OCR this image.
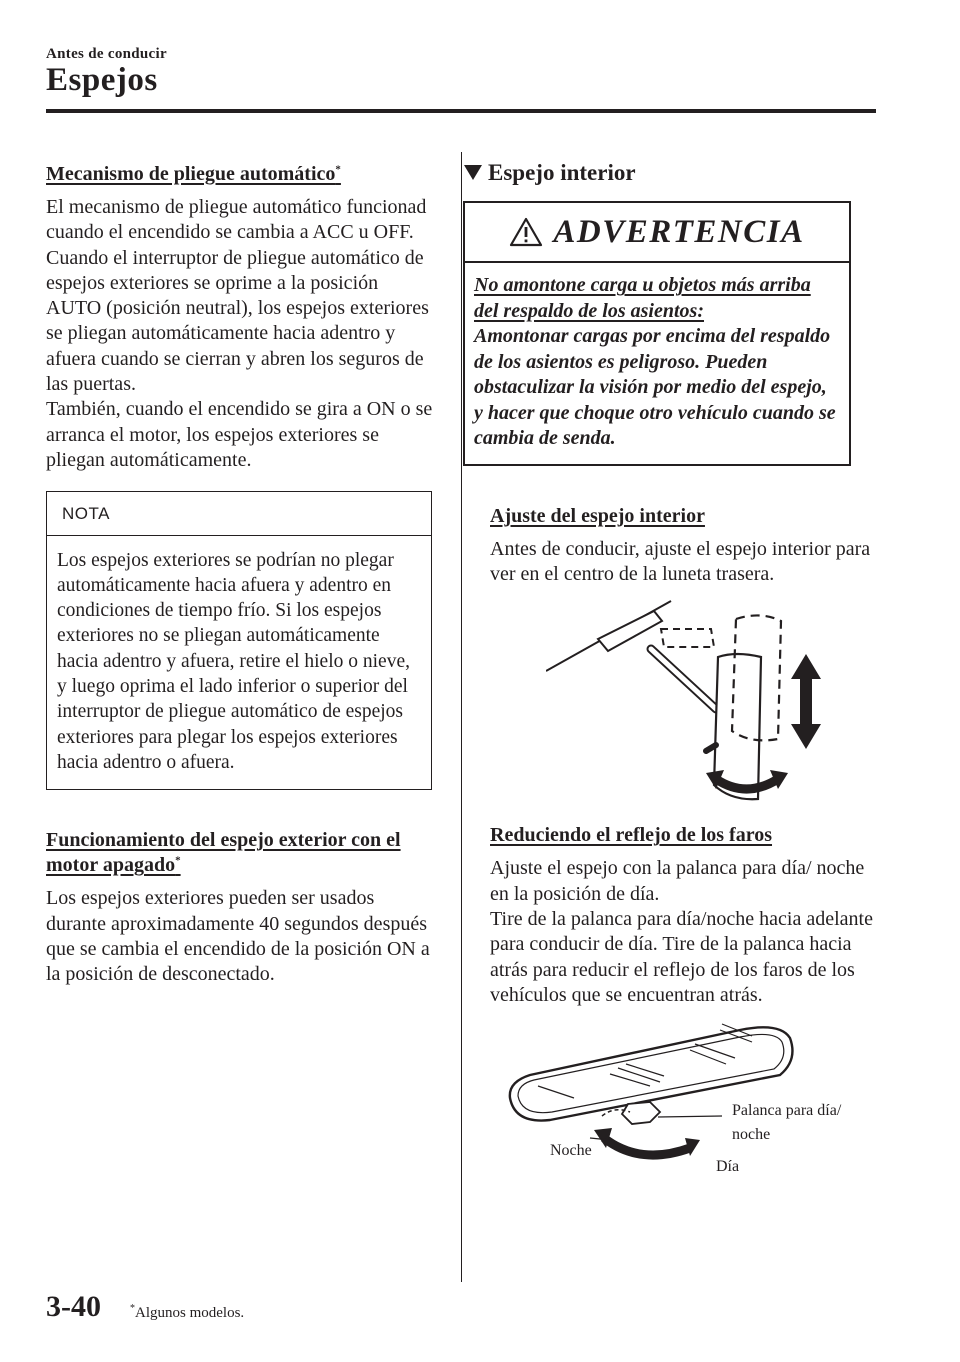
Antes de conducir
Espejos
Mecanismo de pliegue automático*

El mecanismo de pliegue automático funcionad cuando el encendido se cambia a ACC u OFF.

Cuando el interruptor de pliegue automático de espejos exteriores se oprime a la posición AUTO (posición neutral), los espejos exteriores se pliegan automáticamente hacia adentro y afuera cuando se cierran y abren los seguros de las puertas.

También, cuando el encendido se gira a ON o se arranca el motor, los espejos exteriores se pliegan automáticamente.

NOTA
Los espejos exteriores se podrían no plegar automáticamente hacia afuera y adentro en condiciones de tiempo frío. Si los espejos exteriores no se pliegan automáticamente hacia adentro y afuera, retire el hielo o nieve, y luego oprima el lado inferior o superior del interruptor de pliegue automático de espejos exteriores para plegar los espejos exteriores hacia adentro o afuera.
Funcionamiento del espejo exterior con el motor apagado*

Los espejos exteriores pueden ser usados durante aproximadamente 40 segundos después que se cambia el encendido de la posición ON a la posición de desconectado.

Espejo interior
ADVERTENCIA
No amontone carga u objetos más arriba del respaldo de los asientos:
Amontonar cargas por encima del respaldo de los asientos es peligroso. Pueden obstaculizar la visión por medio del espejo, y hacer que choque otro vehículo cuando se cambia de senda.
Ajuste del espejo interior

Antes de conducir, ajuste el espejo interior para ver en el centro de la luneta trasera.

Reduciendo el reflejo de los faros

Ajuste el espejo con la palanca para día/ noche en la posición de día.

Tire de la palanca para día/noche hacia adelante para conducir de día. Tire de la palanca hacia atrás para reducir el reflejo de los faros de los vehículos que se encuentran atrás.

Palanca para día/
noche
Noche
Día
3-40	*Algunos modelos.
